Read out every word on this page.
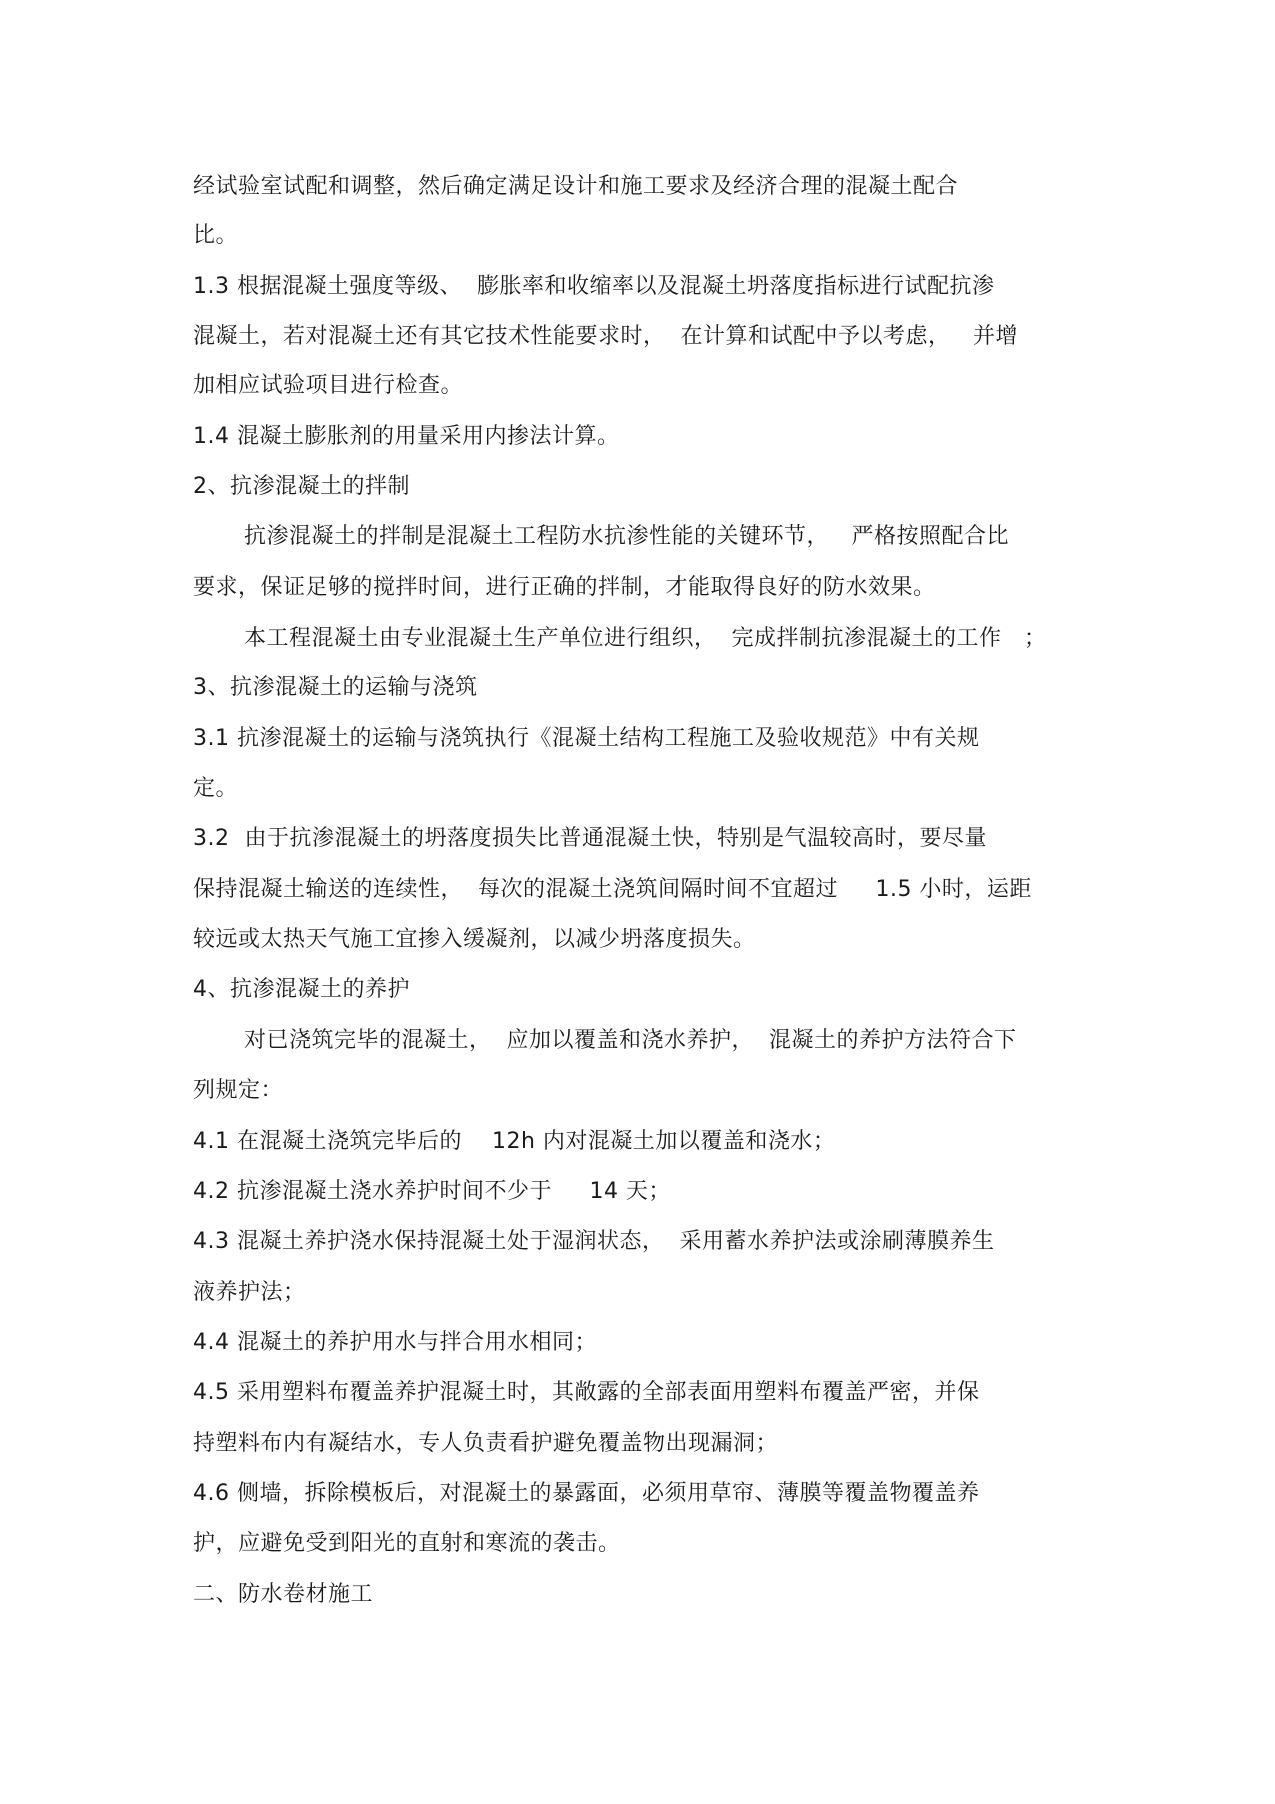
经试验室试配和调整，然后确定满足设计和施工要求及经济合理的混凝土配合
比。
1.3 根据混凝土强度等级、  膨胀率和收缩率以及混凝土坍落度指标进行试配抗渗
混凝土，若对混凝土还有其它技术性能要求时，  在计算和试配中予以考虑，   并增
加相应试验项目进行检查。
1.4 混凝土膨胀剂的用量采用内掺法计算。
2、抗渗混凝土的拌制
抗渗混凝土的拌制是混凝土工程防水抗渗性能的关键环节，   严格按照配合比
要求，保证足够的搅拌时间，进行正确的拌制，才能取得良好的防水效果。
本工程混凝土由专业混凝土生产单位进行组织，  完成拌制抗渗混凝土的工作   ；
3、抗渗混凝土的运输与浇筑
3.1 抗渗混凝土的运输与浇筑执行《混凝土结构工程施工及验收规范》中有关规
定。
3.2  由于抗渗混凝土的坍落度损失比普通混凝土快，特别是气温较高时，要尽量
保持混凝土输送的连续性，  每次的混凝土浇筑间隔时间不宜超过     1.5 小时，运距
较远或太热天气施工宜掺入缓凝剂，以减少坍落度损失。
4、抗渗混凝土的养护
对已浇筑完毕的混凝土，  应加以覆盖和浇水养护，  混凝土的养护方法符合下
列规定：
4.1 在混凝土浇筑完毕后的    12h 内对混凝土加以覆盖和浇水；
4.2 抗渗混凝土浇水养护时间不少于     14 天；
4.3 混凝土养护浇水保持混凝土处于湿润状态，  采用蓄水养护法或涂刷薄膜养生
液养护法；
4.4 混凝土的养护用水与拌合用水相同；
4.5 采用塑料布覆盖养护混凝土时，其敞露的全部表面用塑料布覆盖严密，并保
持塑料布内有凝结水，专人负责看护避免覆盖物出现漏洞；
4.6 侧墙，拆除模板后，对混凝土的暴露面，必须用草帘、薄膜等覆盖物覆盖养
护，应避免受到阳光的直射和寒流的袭击。
二、防水卷材施工
